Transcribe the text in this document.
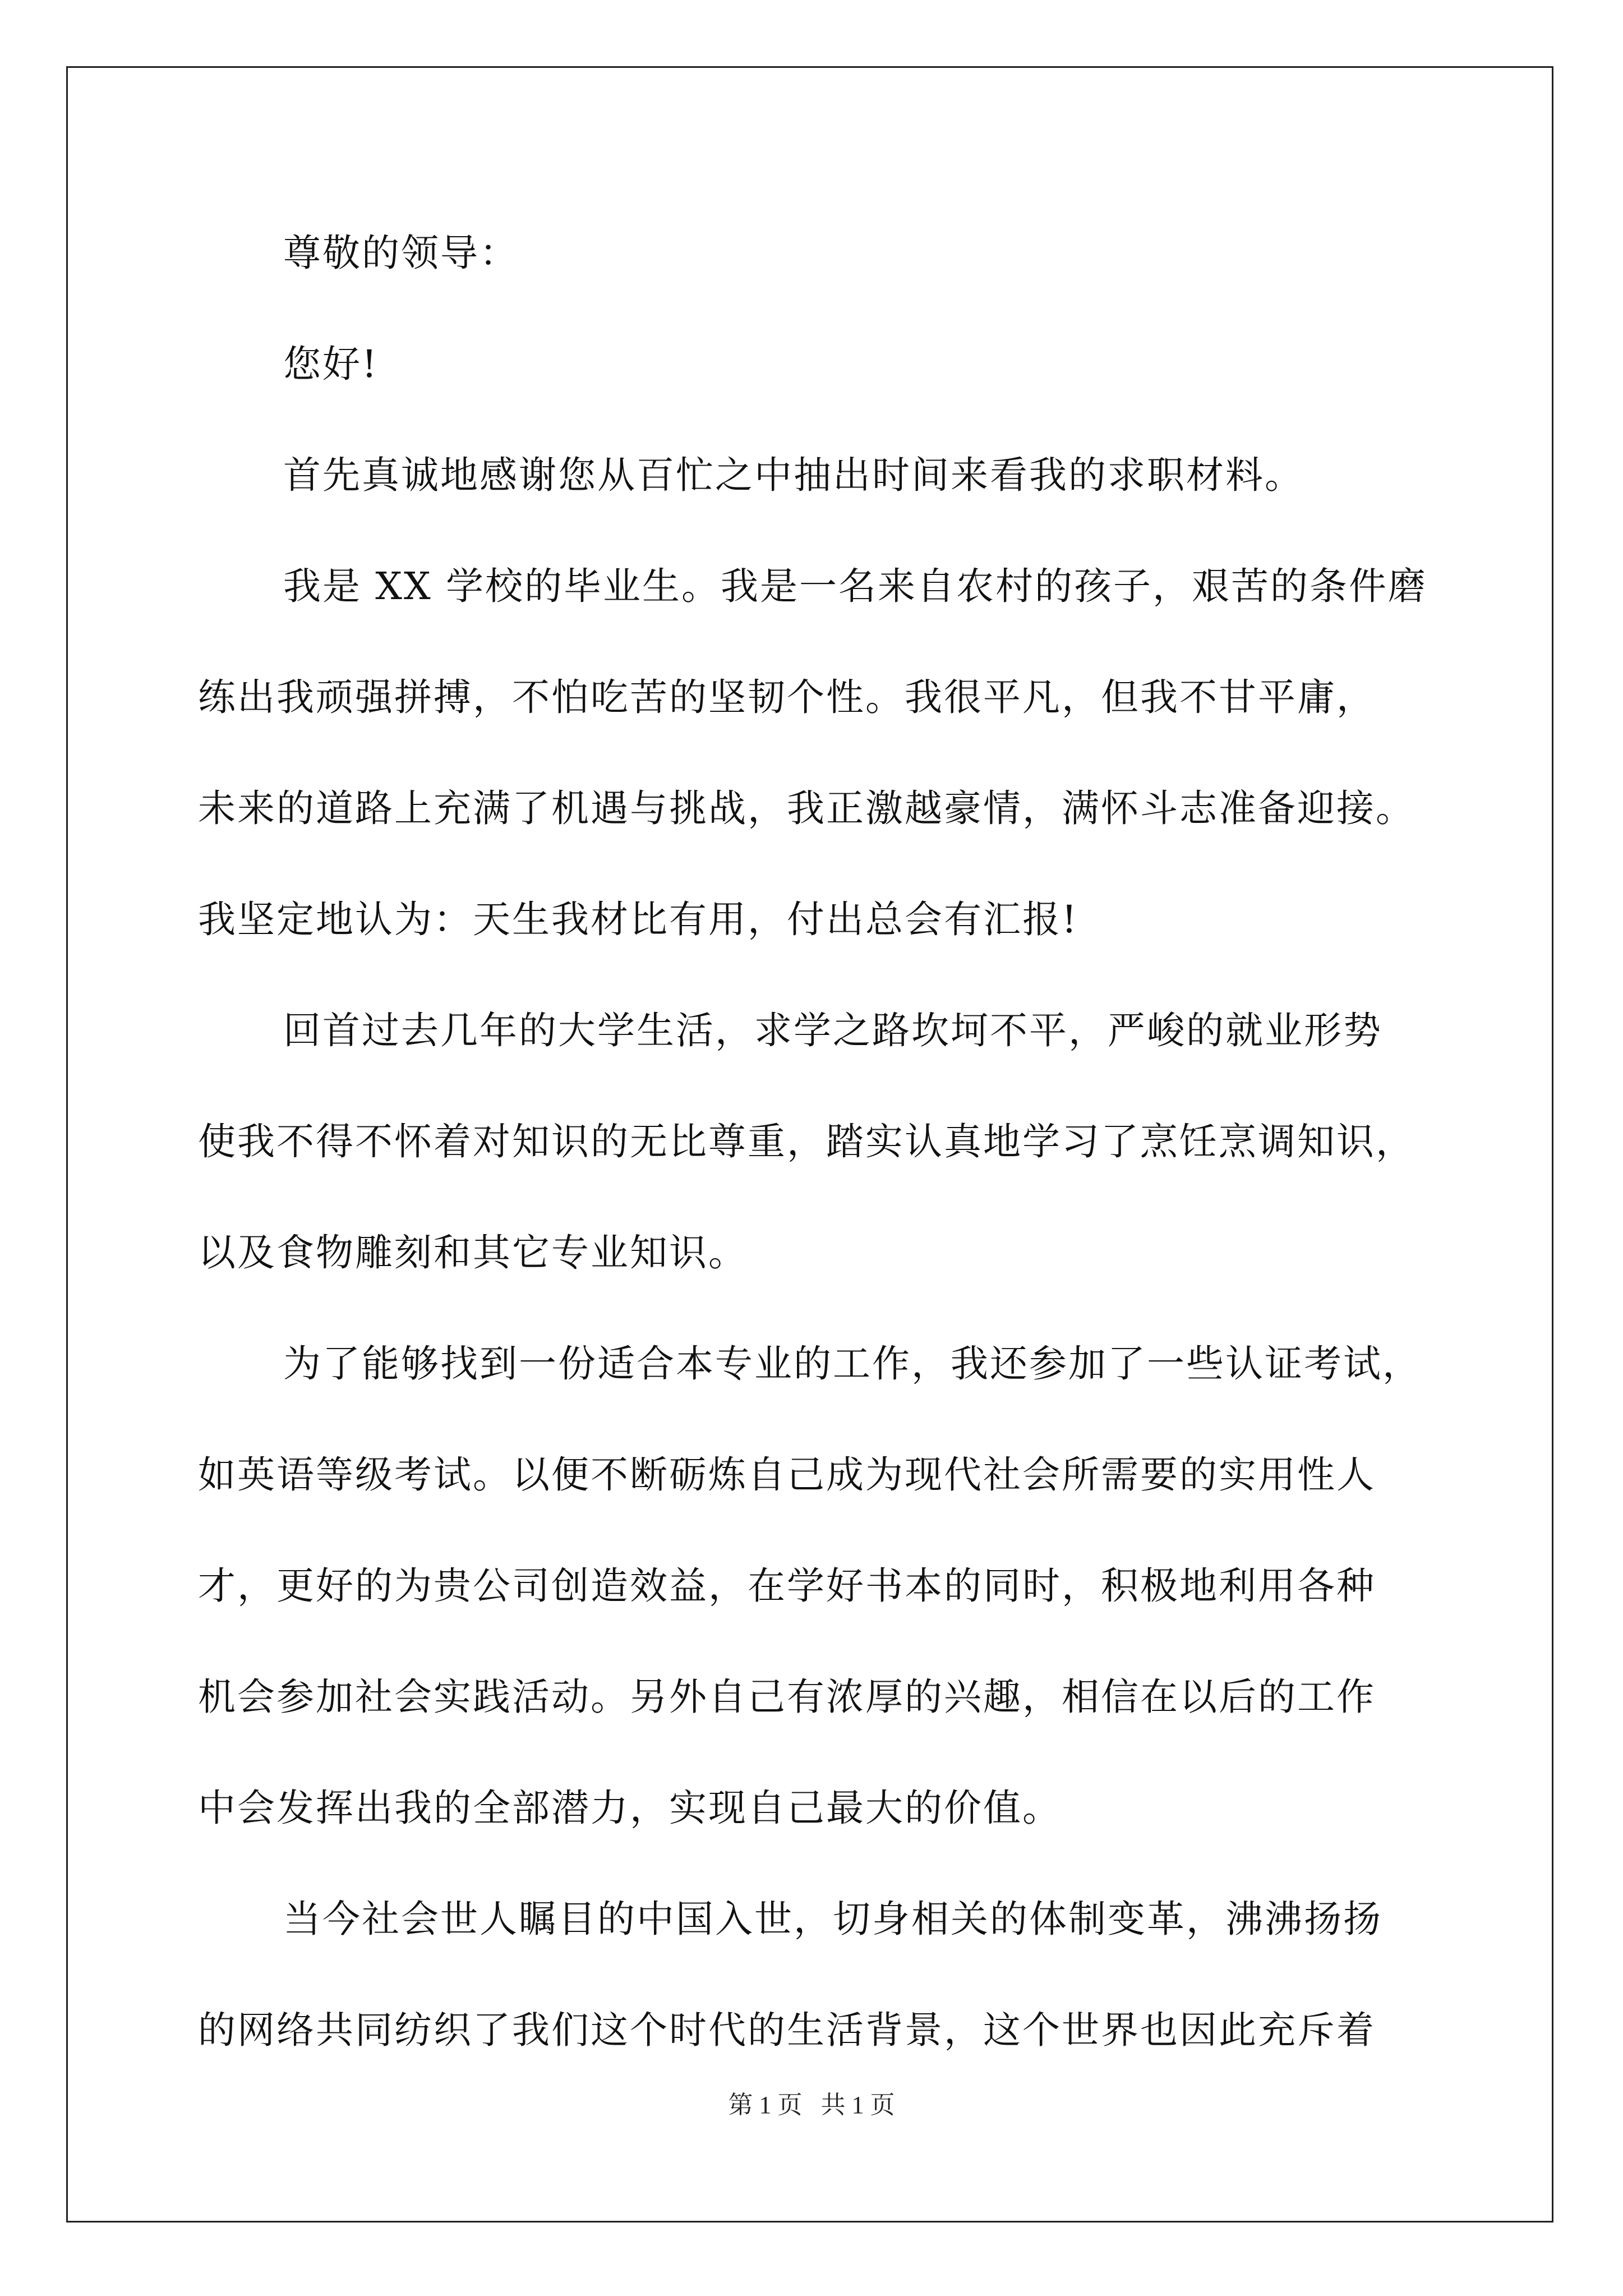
尊敬的领导：
您好!
首先真诚地感谢您从百忙之中抽出时间来看我的求职材料。
我是 XX 学校的毕业生。我是一名来自农村的孩子，艰苦的条件磨
练出我顽强拼搏，不怕吃苦的坚韧个性。我很平凡，但我不甘平庸，
未来的道路上充满了机遇与挑战，我正激越豪情，满怀斗志准备迎接。
我坚定地认为：天生我材比有用，付出总会有汇报!
回首过去几年的大学生活，求学之路坎坷不平，严峻的就业形势
使我不得不怀着对知识的无比尊重，踏实认真地学习了烹饪烹调知识，
以及食物雕刻和其它专业知识。
为了能够找到一份适合本专业的工作，我还参加了一些认证考试，
如英语等级考试。以便不断砺炼自己成为现代社会所需要的实用性人
才，更好的为贵公司创造效益，在学好书本的同时，积极地利用各种
机会参加社会实践活动。另外自己有浓厚的兴趣，相信在以后的工作
中会发挥出我的全部潜力，实现自己最大的价值。
当今社会世人瞩目的中国入世，切身相关的体制变革，沸沸扬扬
的网络共同纺织了我们这个时代的生活背景，这个世界也因此充斥着
第 1 页   共 1 页
